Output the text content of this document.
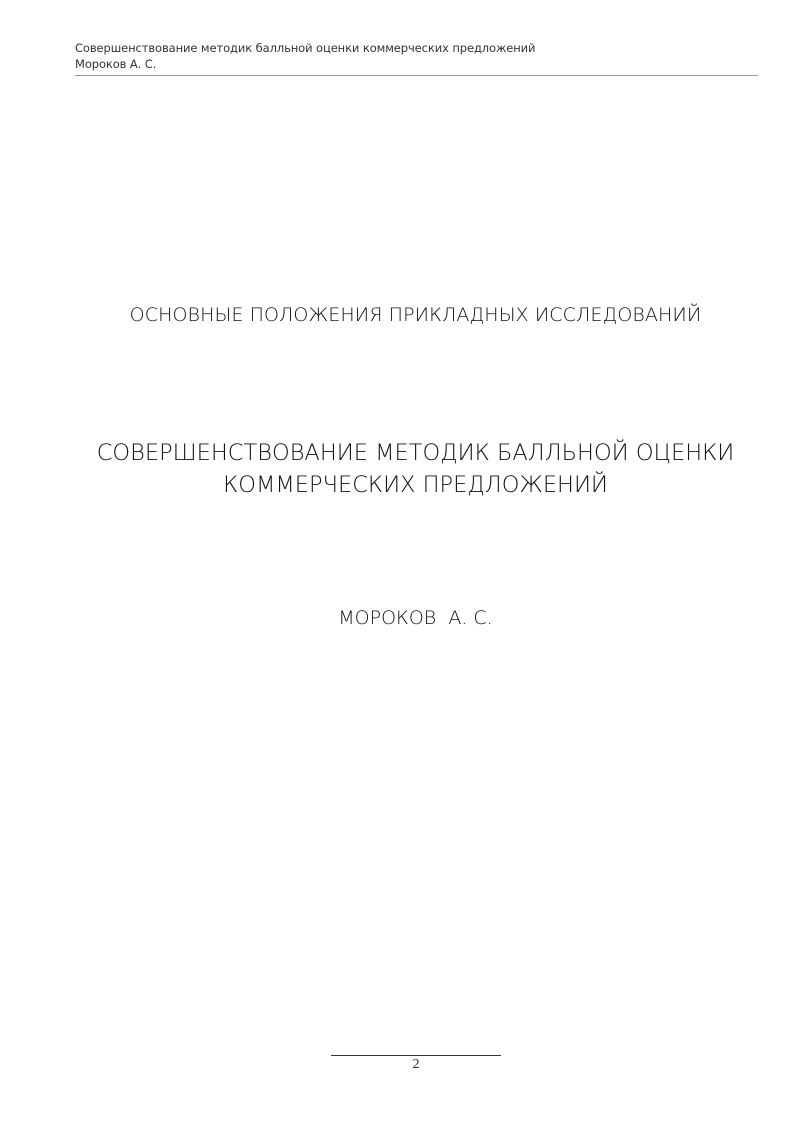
Совершенствование методик балльной оценки коммерческих предложений
Мороков А. С.
ОСНОВНЫЕ ПОЛОЖЕНИЯ ПРИКЛАДНЫХ ИССЛЕДОВАНИЙ
СОВЕРШЕНСТВОВАНИЕ МЕТОДИК БАЛЛЬНОЙ ОЦЕНКИ
КОММЕРЧЕСКИХ ПРЕДЛОЖЕНИЙ
МОРОКОВ  А. С.
2
